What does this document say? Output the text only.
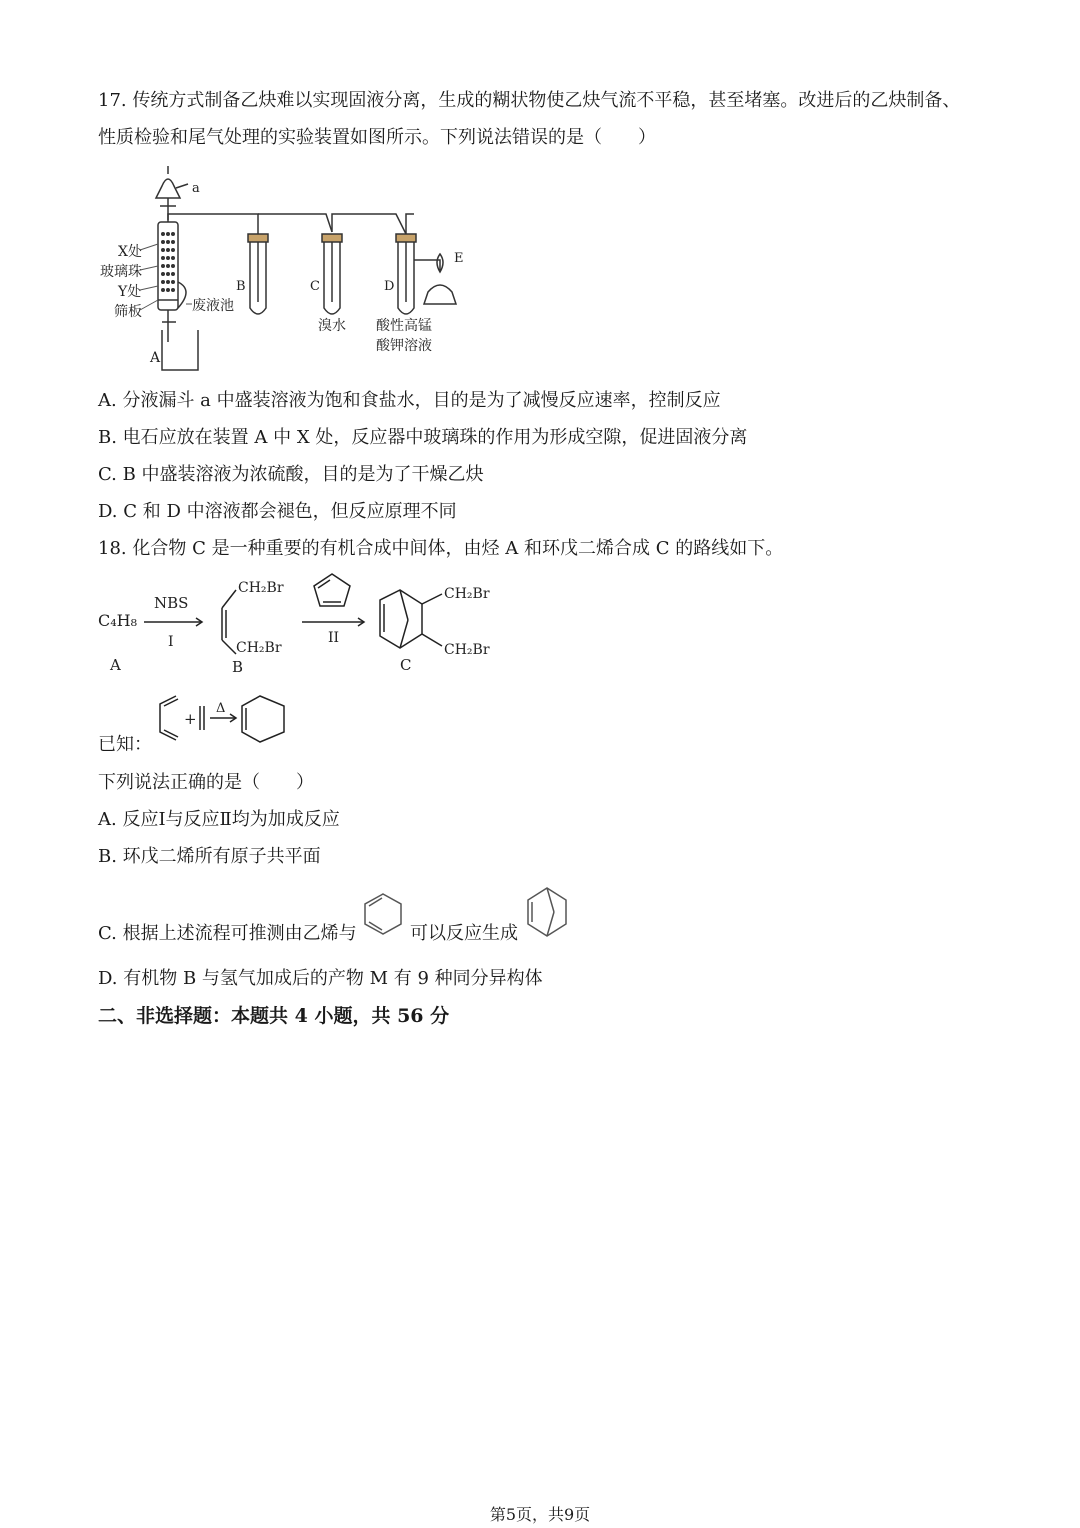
17. 传统方式制备乙炔难以实现固液分离，生成的糊状物使乙炔气流不平稳，甚至堵塞。改进后的乙炔制备、
性质检验和尾气处理的实验装置如图所示。下列说法错误的是（　　）
a
X处
玻璃珠
Y处
筛板	废液池
A
B	C	D
E
溴水 酸性高锰
酸钾溶液
A. 分液漏斗 a 中盛装溶液为饱和食盐水，目的是为了减慢反应速率，控制反应
B. 电石应放在装置 A 中 X 处，反应器中玻璃珠的作用为形成空隙，促进固液分离
C. B 中盛装溶液为浓硫酸，目的是为了干燥乙炔
D. C 和 D 中溶液都会褪色，但反应原理不同
18. 化合物 C 是一种重要的有机合成中间体，由烃 A 和环戊二烯合成 C 的路线如下。
C₄H₈
A
NBS
I
CH₂Br
CH₂Br
B
II
CH₂Br
CH₂Br
C
已知：
+
Δ
下列说法正确的是（　　）
A. 反应Ⅰ与反应Ⅱ均为加成反应
B. 环戊二烯所有原子共平面
C. 根据上述流程可推测由乙烯与	可以反应生成
D. 有机物 B 与氢气加成后的产物 M 有 9 种同分异构体
二、非选择题：本题共 4 小题，共 56 分
第5页，共9页
